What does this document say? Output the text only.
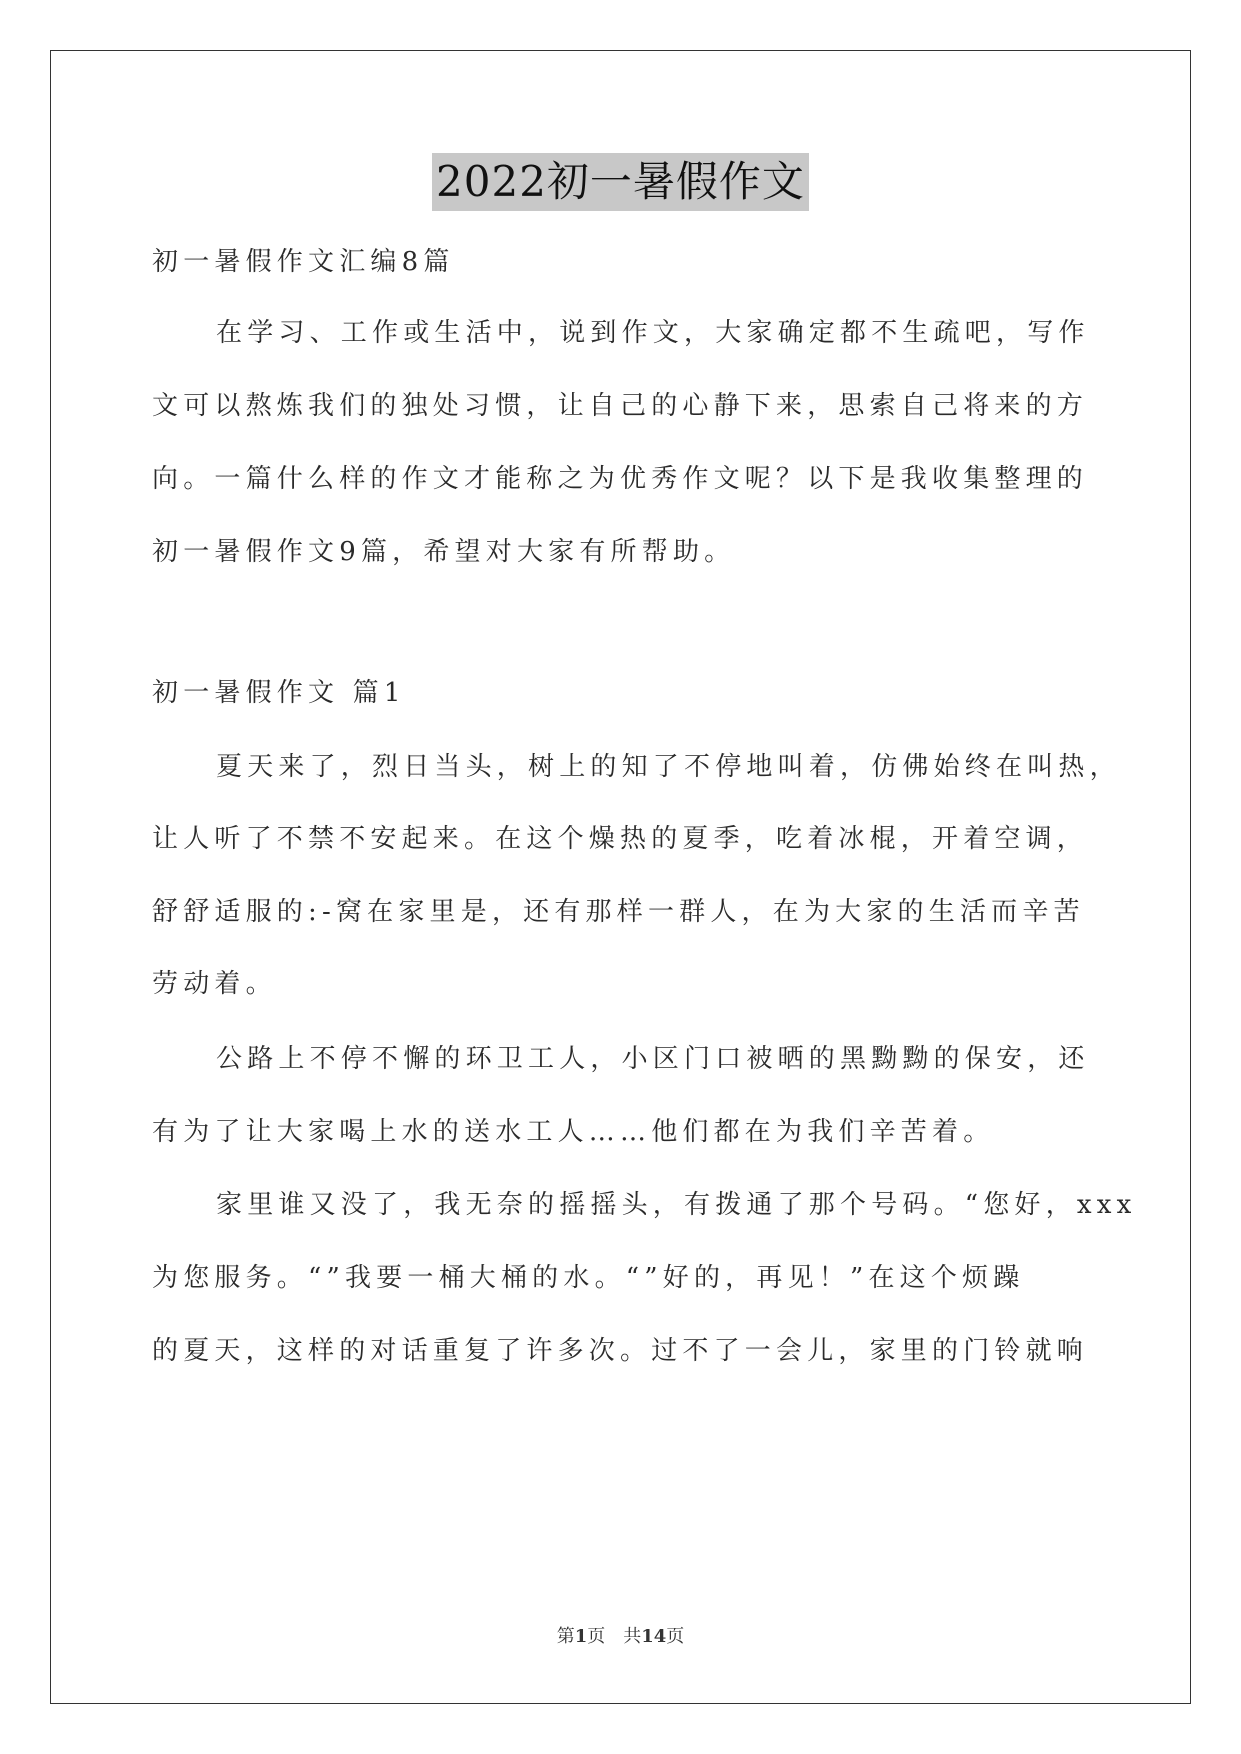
2022初一暑假作文
初一暑假作文汇编8篇
在学习、工作或生活中，说到作文，大家确定都不生疏吧，写作
文可以熬炼我们的独处习惯，让自己的心静下来，思索自己将来的方
向。一篇什么样的作文才能称之为优秀作文呢？以下是我收集整理的
初一暑假作文9篇，希望对大家有所帮助。
初一暑假作文 篇1
夏天来了，烈日当头，树上的知了不停地叫着，仿佛始终在叫热，
让人听了不禁不安起来。在这个燥热的夏季，吃着冰棍，开着空调，
舒舒适服的:-窝在家里是，还有那样一群人，在为大家的生活而辛苦
劳动着。
公路上不停不懈的环卫工人，小区门口被晒的黑黝黝的保安，还
有为了让大家喝上水的送水工人……他们都在为我们辛苦着。
家里谁又没了，我无奈的摇摇头，有拨通了那个号码。“您好，xxx
为您服务。“”我要一桶大桶的水。“”好的，再见！”在这个烦躁
的夏天，这样的对话重复了许多次。过不了一会儿，家里的门铃就响
第1页　共14页
